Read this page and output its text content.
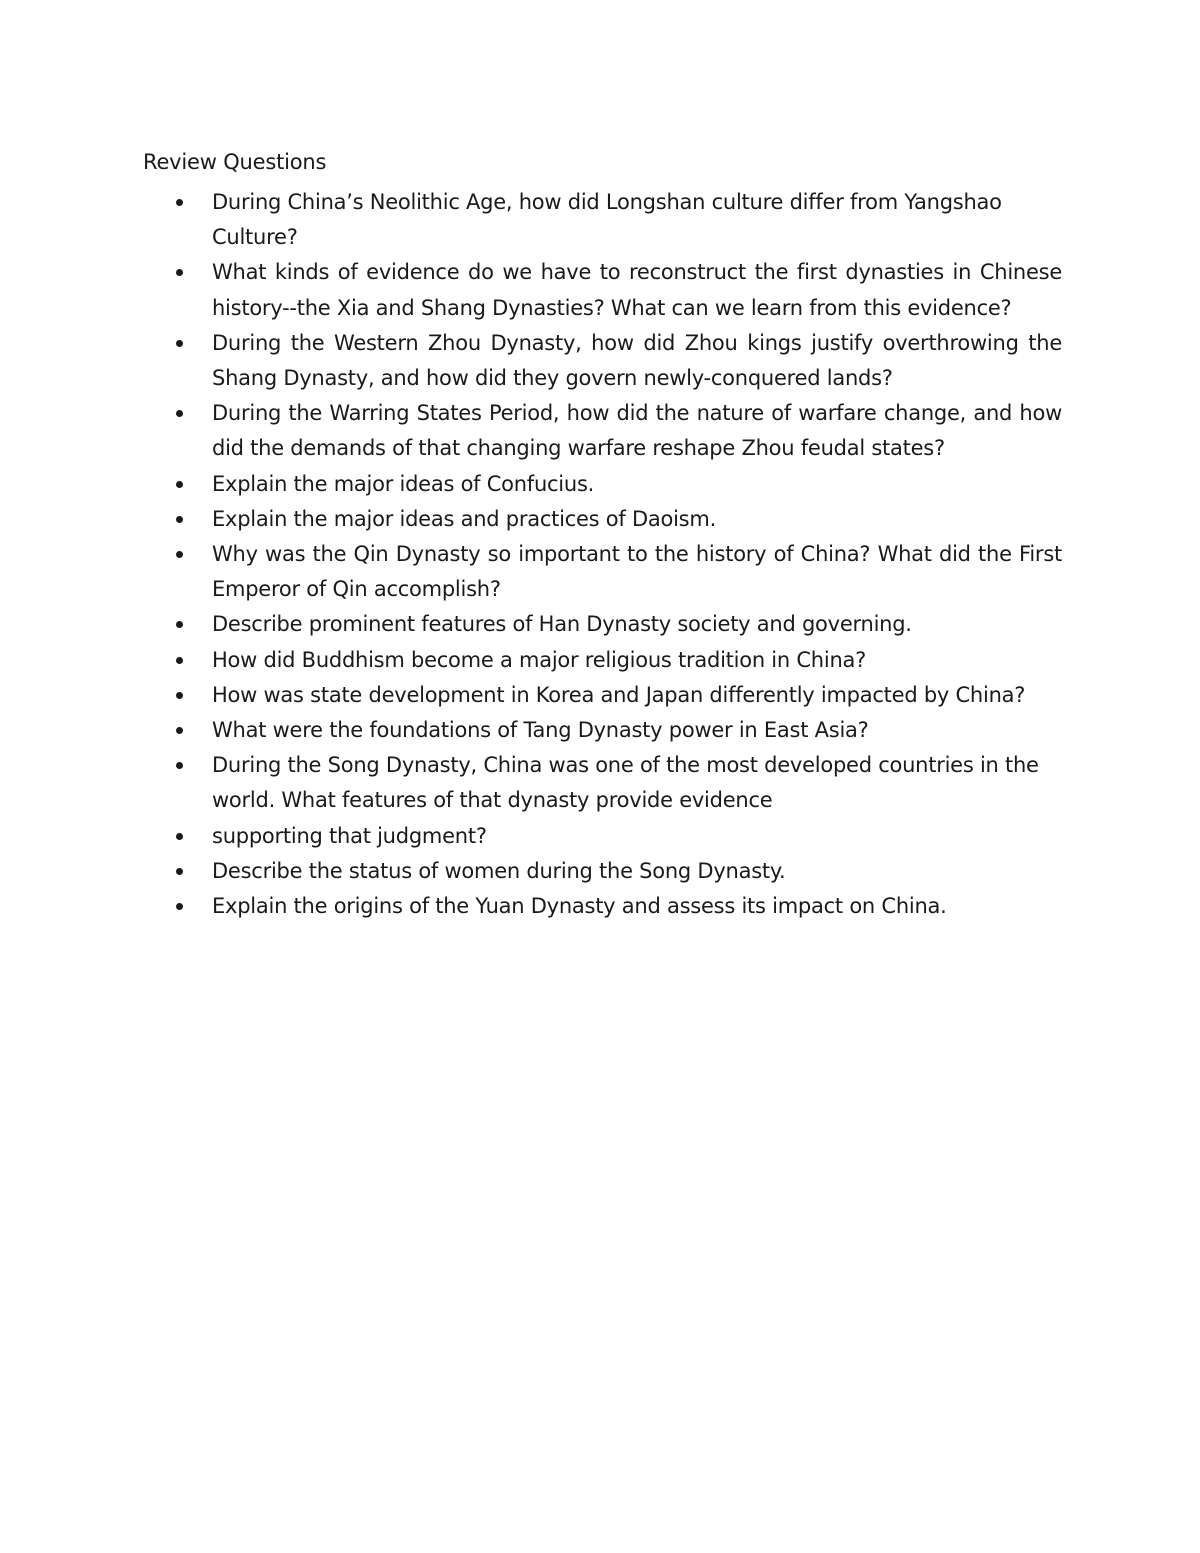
Review Questions
During China’s Neolithic Age, how did Longshan culture differ from Yangshao Culture?
What kinds of evidence do we have to reconstruct the first dynasties in Chinese history--the Xia and Shang Dynasties? What can we learn from this evidence?
During the Western Zhou Dynasty, how did Zhou kings justify overthrowing the Shang Dynasty, and how did they govern newly-conquered lands?
During the Warring States Period, how did the nature of warfare change, and how did the demands of that changing warfare reshape Zhou feudal states?
Explain the major ideas of Confucius.
Explain the major ideas and practices of Daoism.
Why was the Qin Dynasty so important to the history of China? What did the First Emperor of Qin accomplish?
Describe prominent features of Han Dynasty society and governing.
How did Buddhism become a major religious tradition in China?
How was state development in Korea and Japan differently impacted by China?
What were the foundations of Tang Dynasty power in East Asia?
During the Song Dynasty, China was one of the most developed countries in the world. What features of that dynasty provide evidence
supporting that judgment?
Describe the status of women during the Song Dynasty.
Explain the origins of the Yuan Dynasty and assess its impact on China.
